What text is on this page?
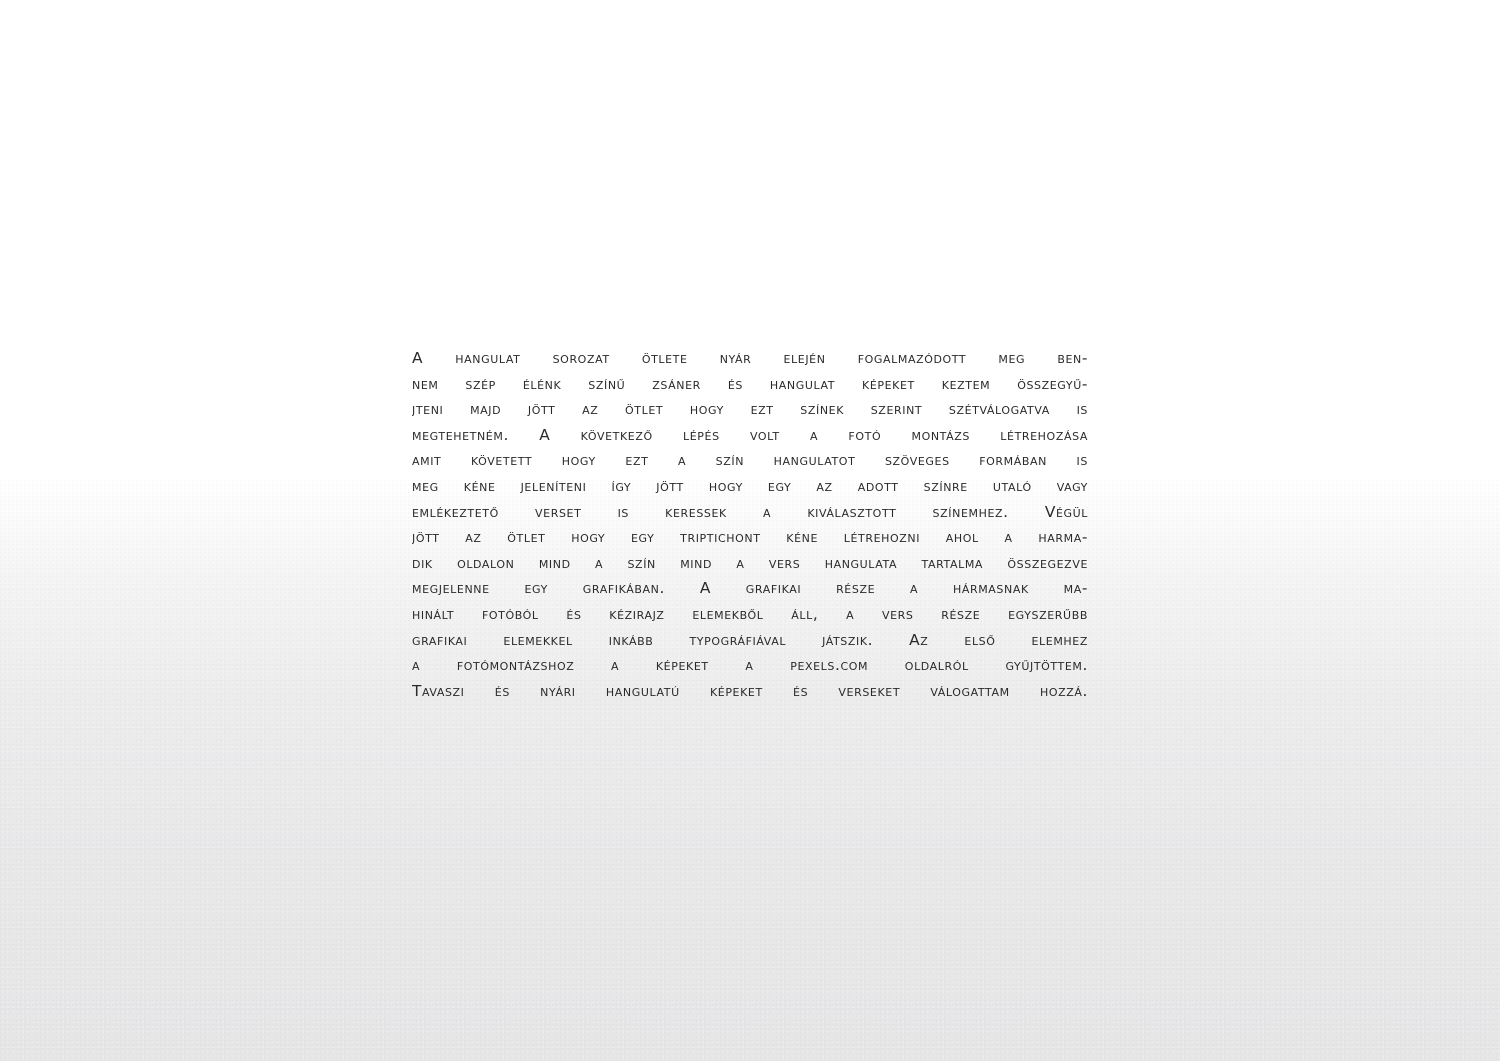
A hangulat sorozat ötlete nyár elején fogalmazódott meg ben-
nem szép élénk színű zsáner és hangulat képeket keztem összegyű-
jteni majd jött az ötlet hogy ezt színek szerint szétválogatva is
megtehetném. A következő lépés volt a fotó montázs létrehozása
amit követett hogy ezt a szín hangulatot szöveges formában is
meg kéne jeleníteni így jött hogy egy az adott színre utaló vagy
emlékeztető verset is keressek a kiválasztott színemhez. Végül
jött az ötlet hogy egy triptichont kéne létrehozni ahol a harma-
dik oldalon mind a szín mind a vers hangulata tartalma összegezve
megjelenne egy grafikában. A grafikai része a hármasnak ma-
hinált fotóból és kézirajz elemekből áll, a vers része egyszerűbb
grafikai elemekkel inkább typográfiával játszik. Az első elemhez
a fotómontázshoz a képeket a pexels.com oldalról gyűjtöttem.
Tavaszi és nyári hangulatú képeket és verseket válogattam hozzá.
